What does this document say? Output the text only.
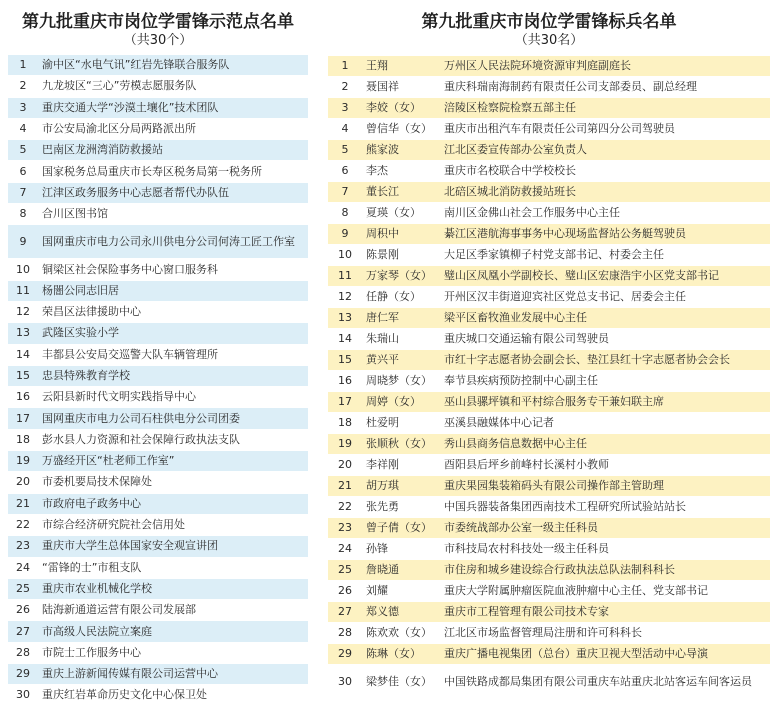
第九批重庆市岗位学雷锋示范点名单
（共30个）
1	渝中区“水电气讯”红岩先锋联合服务队
2	九龙坡区“三心”劳模志愿服务队
3	重庆交通大学“沙漠土壤化”技术团队
4	市公安局渝北区分局两路派出所
5	巴南区龙洲湾消防救援站
6	国家税务总局重庆市长寿区税务局第一税务所
7	江津区政务服务中心志愿者帮代办队伍
8	合川区图书馆
9	国网重庆市电力公司永川供电分公司何涛工匠工作室
10	铜梁区社会保险事务中心窗口服务科
11	杨闇公同志旧居
12	荣昌区法律援助中心
13	武隆区实验小学
14	丰都县公安局交巡警大队车辆管理所
15	忠县特殊教育学校
16	云阳县新时代文明实践指导中心
17	国网重庆市电力公司石柱供电分公司团委
18	彭水县人力资源和社会保障行政执法支队
19	万盛经开区“杜老师工作室”
20	市委机要局技术保障处
21	市政府电子政务中心
22	市综合经济研究院社会信用处
23	重庆市大学生总体国家安全观宣讲团
24	“雷锋的士”市租支队
25	重庆市农业机械化学校
26	陆海新通道运营有限公司发展部
27	市高级人民法院立案庭
28	市院士工作服务中心
29	重庆上游新闻传媒有限公司运营中心
30	重庆红岩革命历史文化中心保卫处
第九批重庆市岗位学雷锋标兵名单
（共30名）
1	王翔	万州区人民法院环境资源审判庭副庭长
2	聂国祥	重庆科瑞南海制药有限责任公司支部委员、副总经理
3	李姣（女）	涪陵区检察院检察五部主任
4	曾信华（女）	重庆市出租汽车有限责任公司第四分公司驾驶员
5	熊家波	江北区委宣传部办公室负责人
6	李杰	重庆市名校联合中学校校长
7	董长江	北碚区城北消防救援站班长
8	夏瑛（女）	南川区金佛山社会工作服务中心主任
9	周积中	綦江区港航海事事务中心现场监督站公务艇驾驶员
10	陈景刚	大足区季家镇柳子村党支部书记、村委会主任
11	万家琴（女）	璧山区凤凰小学副校长、璧山区宏康浩宇小区党支部书记
12	任静（女）	开州区汉丰街道迎宾社区党总支书记、居委会主任
13	唐仁军	梁平区畜牧渔业发展中心主任
14	朱瑞山	重庆城口交通运输有限公司驾驶员
15	黄兴平	市红十字志愿者协会副会长、垫江县红十字志愿者协会会长
16	周晓梦（女）	奉节县疾病预防控制中心副主任
17	周婷（女）	巫山县骡坪镇和平村综合服务专干兼妇联主席
18	杜爱明	巫溪县融媒体中心记者
19	张顺秋（女）	秀山县商务信息数据中心主任
20	李祥刚	酉阳县后坪乡前峰村长溪村小教师
21	胡万琪	重庆果园集装箱码头有限公司操作部主管助理
22	张先勇	中国兵器装备集团西南技术工程研究所试验站站长
23	曾子倩（女）	市委统战部办公室一级主任科员
24	孙锋	市科技局农村科技处一级主任科员
25	詹晓通	市住房和城乡建设综合行政执法总队法制科科长
26	刘耀	重庆大学附属肿瘤医院血液肿瘤中心主任、党支部书记
27	郑义德	重庆市工程管理有限公司技术专家
28	陈欢欢（女）	江北区市场监督管理局注册和许可科科长
29	陈琳（女）	重庆广播电视集团（总台）重庆卫视大型活动中心导演
30	梁梦佳（女）	中国铁路成都局集团有限公司重庆车站重庆北站客运车间客运员
